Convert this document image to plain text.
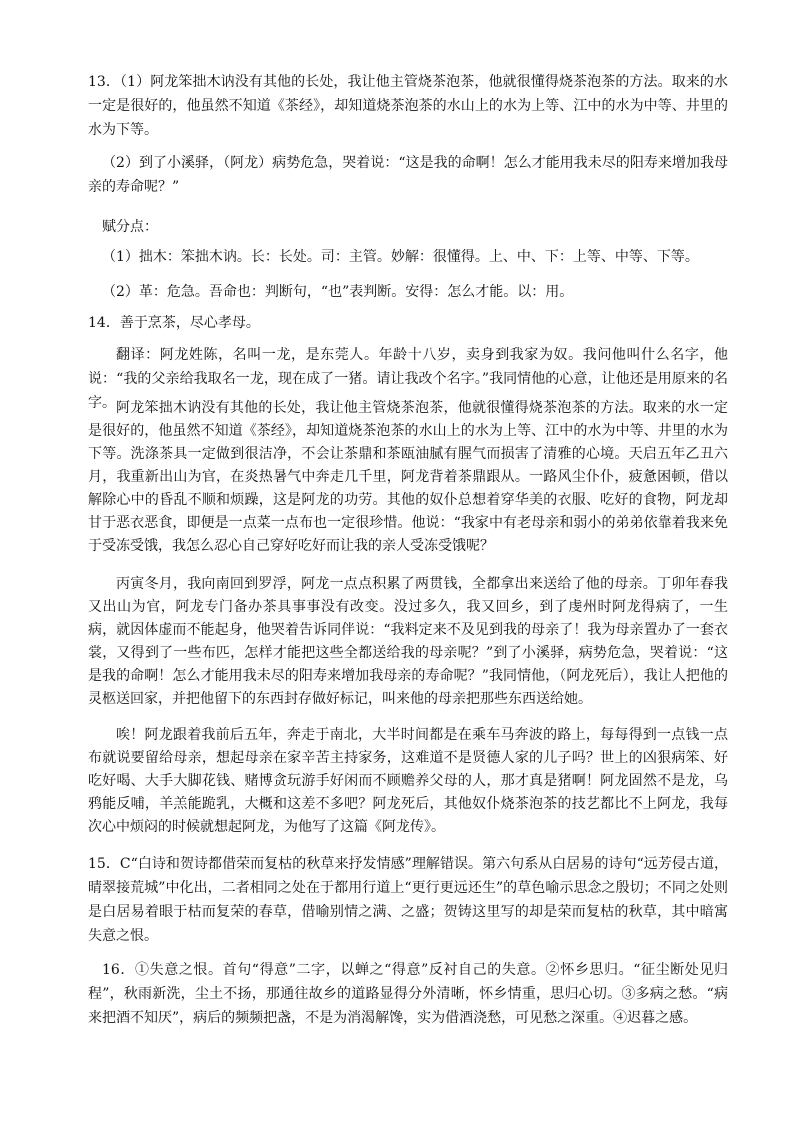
13．（1）阿龙笨拙木讷没有其他的长处，我让他主管烧茶泡茶，他就很懂得烧茶泡茶的方法。取来的水一定是很好的，他虽然不知道《茶经》，却知道烧茶泡茶的水山上的水为上等、江中的水为中等、井里的水为下等。

（2）到了小溪驿，（阿龙）病势危急，哭着说：“这是我的命啊！怎么才能用我未尽的阳寿来增加我母亲的寿命呢？”

赋分点：

（1）拙木：笨拙木讷。长：长处。司：主管。妙解：很懂得。上、中、下：上等、中等、下等。

（2）革：危急。吾命也：判断句，“也”表判断。安得：怎么才能。以：用。

14．善于烹茶，尽心孝母。

翻译：阿龙姓陈，名叫一龙，是东莞人。年龄十八岁，卖身到我家为奴。我问他叫什么名字，他说：“我的父亲给我取名一龙，现在成了一猪。请让我改个名字。”我同情他的心意，让他还是用原来的名字。 阿龙笨拙木讷没有其他的长处，我让他主管烧茶泡茶，他就很懂得烧茶泡茶的方法。取来的水一定是很好的，他虽然不知道《茶经》，却知道烧茶泡茶的水山上的水为上等、江中的水为中等、井里的水为下等。洗涤茶具一定做到很洁净，不会让茶鼎和茶瓯油腻有腥气而损害了清雅的心境。天启五年乙丑六月，我重新出山为官，在炎热暑气中奔走几千里，阿龙背着茶鼎跟从。一路风尘仆仆，疲惫困顿，借以解除心中的昏乱不顺和烦躁，这是阿龙的功劳。其他的奴仆总想着穿华美的衣服、吃好的食物，阿龙却甘于恶衣恶食，即便是一点菜一点布也一定很珍惜。他说：“我家中有老母亲和弱小的弟弟依靠着我来免于受冻受饿，我怎么忍心自己穿好吃好而让我的亲人受冻受饿呢？

丙寅冬月，我向南回到罗浮，阿龙一点点积累了两贯钱，全都拿出来送给了他的母亲。丁卯年春我又出山为官，阿龙专门备办茶具事事没有改变。没过多久，我又回乡，到了虔州时阿龙得病了，一生病，就因体虚而不能起身，他哭着告诉同伴说：“我料定来不及见到我的母亲了！我为母亲置办了一套衣裳，又得到了一些布匹，怎样才能把这些全都送给我的母亲呢？”到了小溪驿，病势危急，哭着说：“这是我的命啊！怎么才能用我未尽的阳寿来增加我母亲的寿命呢？”我同情他，（阿龙死后），我让人把他的灵柩送回家，并把他留下的东西封存做好标记，叫来他的母亲把那些东西送给她。

唉！阿龙跟着我前后五年，奔走于南北，大半时间都是在乘车马奔波的路上，每每得到一点钱一点布就说要留给母亲，想起母亲在家辛苦主持家务，这难道不是贤德人家的儿子吗？世上的凶狠病笨、好吃好喝、大手大脚花钱、赌博贪玩游手好闲而不顾赡养父母的人，那才真是猪啊！阿龙固然不是龙，乌鸦能反哺，羊羔能跪乳，大概和这差不多吧？阿龙死后，其他奴仆烧茶泡茶的技艺都比不上阿龙，我每次心中烦闷的时候就想起阿龙，为他写了这篇《阿龙传》。

15．C“白诗和贺诗都借荣而复枯的秋草来抒发情感”理解错误。第六句系从白居易的诗句“远芳侵古道，晴翠接荒城”中化出，二者相同之处在于都用行道上“更行更远还生”的草色喻示思念之殷切；不同之处则是白居易着眼于枯而复荣的春草，借喻别情之满、之盛；贺铸这里写的却是荣而复枯的秋草，其中暗寓失意之恨。

16．①失意之恨。首句“得意”二字，以蝉之“得意”反衬自己的失意。②怀乡思归。“征尘断处见归程”，秋雨新洗，尘土不扬，那通往故乡的道路显得分外清晰，怀乡情重，思归心切。③多病之愁。“病来把酒不知厌”，病后的频频把盏，不是为消渴解馋，实为借酒浇愁，可见愁之深重。④迟暮之感。
